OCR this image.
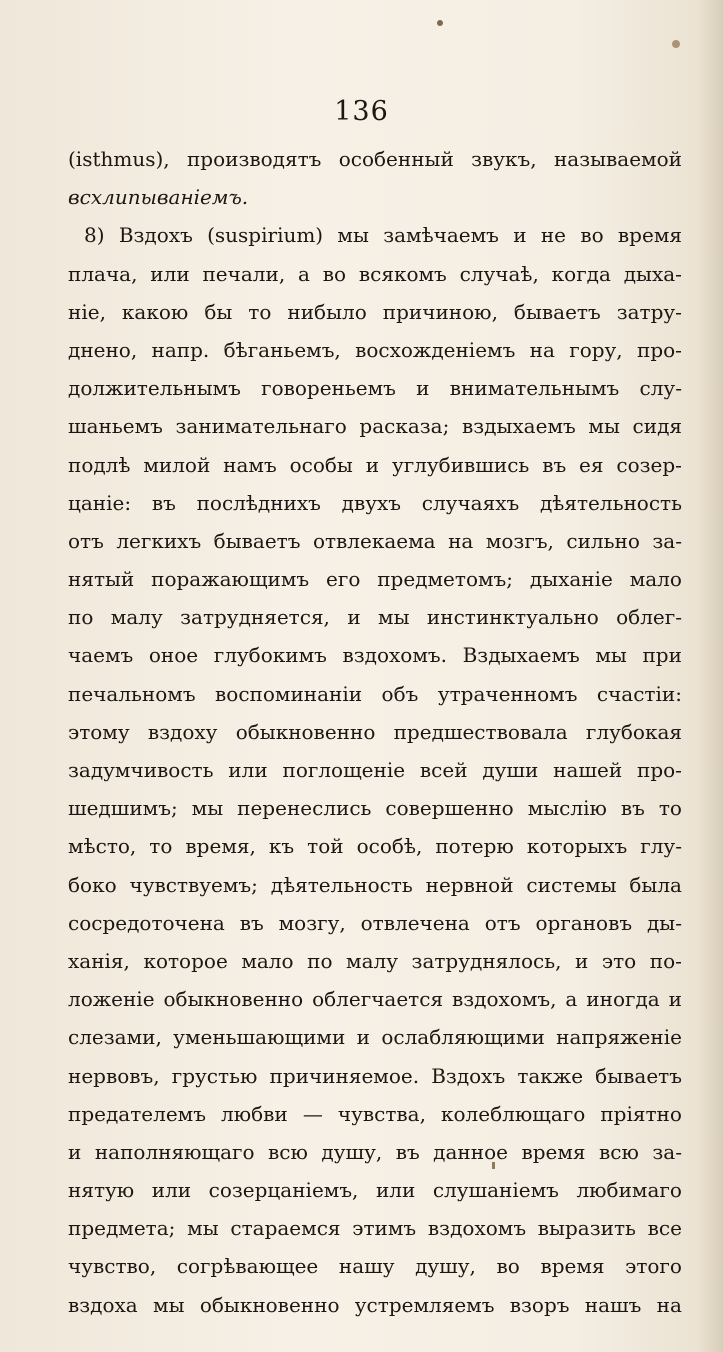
136
(isthmus), производятъ особенный звукъ, называемой
всхлипываніемъ.
8) Вздохъ (suspirium) мы замѣчаемъ и не во время
плача, или печали, а во всякомъ случаѣ, когда дыха-
ніе, какою бы то нибыло причиною, бываетъ затру-
днено, напр. бѣганьемъ, восхожденіемъ на гору, про-
должительнымъ говореньемъ и внимательнымъ слу-
шаньемъ занимательнаго расказа; вздыхаемъ мы сидя
подлѣ милой намъ особы и углубившись въ ея созер-
цаніе: въ послѣднихъ двухъ случаяхъ дѣятельность
отъ легкихъ бываетъ отвлекаема на мозгъ, сильно за-
нятый поражающимъ его предметомъ; дыханіе мало
по малу затрудняется, и мы инстинктуально облег-
чаемъ оное глубокимъ вздохомъ. Вздыхаемъ мы при
печальномъ воспоминаніи объ утраченномъ счастіи:
этому вздоху обыкновенно предшествовала глубокая
задумчивость или поглощеніе всей души нашей про-
шедшимъ; мы перенеслись совершенно мыслію въ то
мѣсто, то время, къ той особѣ, потерю которыхъ глу-
боко чувствуемъ; дѣятельность нервной системы была
сосредоточена въ мозгу, отвлечена отъ органовъ ды-
ханія, которое мало по малу затруднялось, и это по-
ложеніе обыкновенно облегчается вздохомъ, а иногда и
слезами, уменьшающими и ослабляющими напряженіе
нервовъ, грустью причиняемое. Вздохъ также бываетъ
предателемъ любви — чувства, колеблющаго пріятно
и наполняющаго всю душу, въ данное время всю за-
нятую или созерцаніемъ, или слушаніемъ любимаго
предмета; мы стараемся этимъ вздохомъ выразить все
чувство, согрѣвающее нашу душу, во время этого
вздоха мы обыкновенно устремляемъ взоръ нашъ на
